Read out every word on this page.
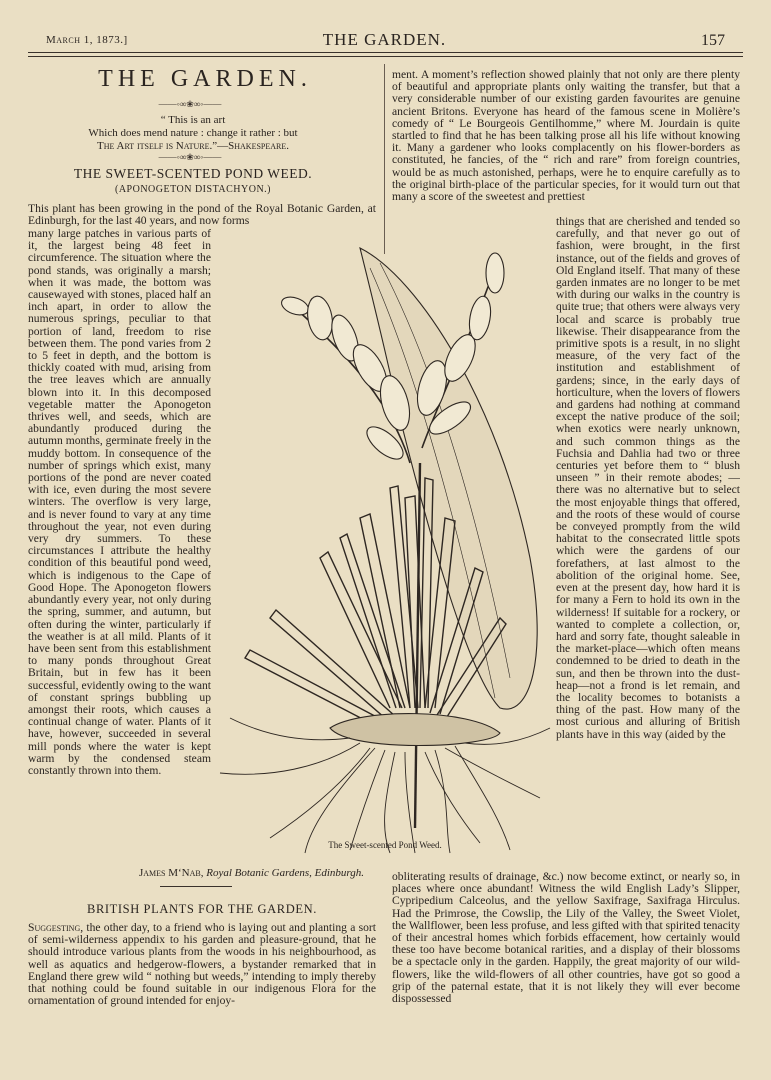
March 1, 1873.]	THE GARDEN.	157
THE GARDEN.
——◦∞❀∞◦——
“ This is an art
Which does mend nature : change it rather : but
The Art itself is Nature.”—Shakespeare.
——◦∞❀∞◦——
THE SWEET-SCENTED POND WEED.
(APONOGETON DISTACHYON.)
This plant has been growing in the pond of the Royal Botanic Garden, at Edinburgh, for the last 40 years, and now forms
many large patches in various parts of it, the largest being 48 feet in circumference. The situation where the pond stands, was originally a marsh; when it was made, the bottom was causewayed with stones, placed half an inch apart, in order to allow the numerous springs, peculiar to that portion of land, freedom to rise between them. The pond varies from 2 to 5 feet in depth, and the bottom is thickly coated with mud, arising from the tree leaves which are annually blown into it. In this decomposed vegetable matter the Aponogeton thrives well, and seeds, which are abundantly produced during the autumn months, germinate freely in the muddy bottom. In consequence of the number of springs which exist, many portions of the pond are never coated with ice, even during the most severe winters. The overflow is very large, and is never found to vary at any time throughout the year, not even during very dry summers. To these circumstances I attribute the healthy condition of this beautiful pond weed, which is indigenous to the Cape of Good Hope. The Aponogeton flowers abundantly every year, not only during the spring, summer, and autumn, but often during the winter, particularly if the weather is at all mild. Plants of it have been sent from this establishment to many ponds throughout Great Britain, but in few has it been successful, evidently owing to the want of constant springs bubbling up amongst their roots, which causes a continual change of water. Plants of it have, however, succeeded in several mill ponds where the water is kept warm by the condensed steam constantly thrown into them.
ment. A moment’s reflection showed plainly that not only are there plenty of beautiful and appropriate plants only waiting the transfer, but that a very considerable number of our existing garden favourites are genuine ancient Britons. Everyone has heard of the famous scene in Molière’s comedy of “ Le Bourgeois Gentilhomme,” where M. Jourdain is quite startled to find that he has been talking prose all his life without knowing it. Many a gardener who looks complacently on his flower-borders as constituted, he fancies, of the “ rich and rare” from foreign countries, would be as much astonished, perhaps, were he to enquire carefully as to the original birth-place of the particular species, for it would turn out that many a score of the sweetest and prettiest
things that are cherished and tended so carefully, and that never go out of fashion, were brought, in the first instance, out of the fields and groves of Old England itself. That many of these garden inmates are no longer to be met with during our walks in the country is quite true; that others were always very local and scarce is probably true likewise. Their disappearance from the primitive spots is a result, in no slight measure, of the very fact of the institution and establishment of gardens; since, in the early days of horticulture, when the lovers of flowers and gardens had nothing at command except the native produce of the soil; when exotics were nearly unknown, and such common things as the Fuchsia and Dahlia had two or three centuries yet before them to “ blush unseen ” in their remote abodes; — there was no alternative but to select the most enjoyable things that offered, and the roots of these would of course be conveyed promptly from the wild habitat to the consecrated little spots which were the gardens of our forefathers, at last almost to the abolition of the original home. See, even at the present day, how hard it is for many a Fern to hold its own in the wilderness! If suitable for a rockery, or wanted to complete a collection, or, hard and sorry fate, thought saleable in the market-place—which often means condemned to be dried to death in the sun, and then be thrown into the dust-heap—not a frond is let remain, and the locality becomes to botanists a thing of the past. How many of the most curious and alluring of British plants have in this way (aided by the
The Sweet-scented Pond Weed.
James M‘Nab, Royal Botanic Gardens, Edinburgh.
BRITISH PLANTS FOR THE GARDEN.
Suggesting, the other day, to a friend who is laying out and planting a sort of semi-wilderness appendix to his garden and pleasure-ground, that he should introduce various plants from the woods in his neighbourhood, as well as aquatics and hedgerow-flowers, a bystander remarked that in England there grew wild “ nothing but weeds,” intending to imply thereby that nothing could be found suitable in our indigenous Flora for the ornamentation of ground intended for enjoy-
obliterating results of drainage, &c.) now become extinct, or nearly so, in places where once abundant! Witness the wild English Lady’s Slipper, Cypripedium Calceolus, and the yellow Saxifrage, Saxifraga Hirculus. Had the Primrose, the Cowslip, the Lily of the Valley, the Sweet Violet, the Wallflower, been less profuse, and less gifted with that spirited tenacity of their ancestral homes which forbids effacement, how certainly would these too have become botanical rarities, and a display of their blossoms be a spectacle only in the garden. Happily, the great majority of our wild-flowers, like the wild-flowers of all other countries, have got so good a grip of the paternal estate, that it is not likely they will ever become dispossessed
